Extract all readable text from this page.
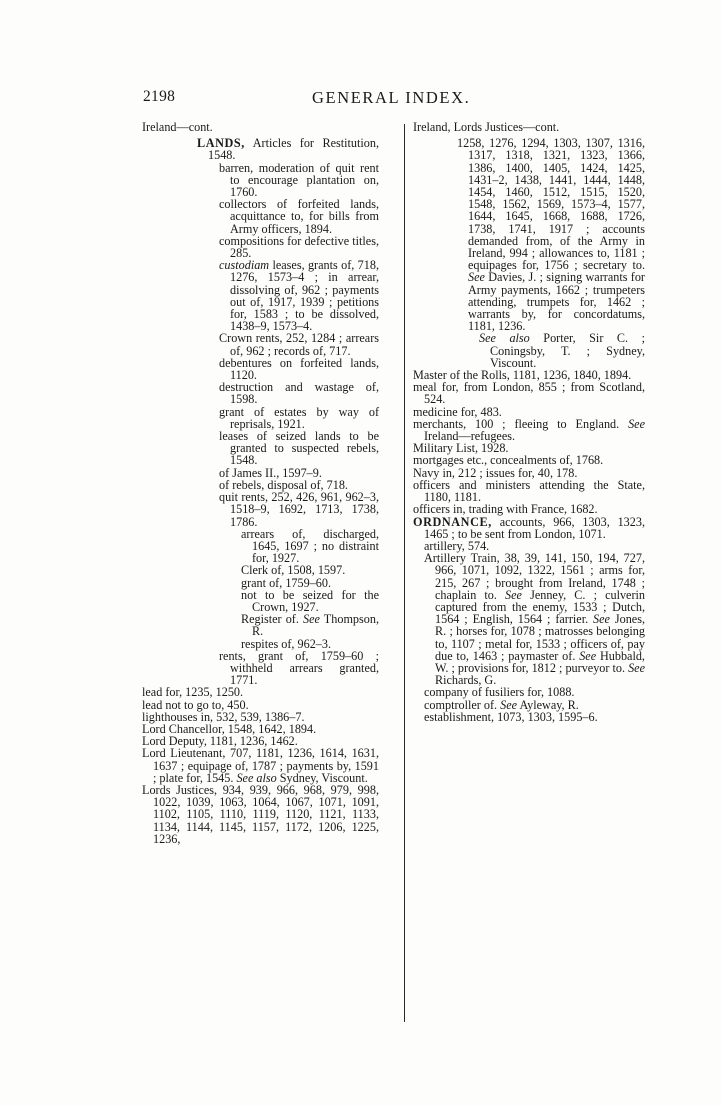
2198	GENERAL INDEX.
Ireland—cont.

LANDS, Articles for Restitution, 1548.

barren, moderation of quit rent to encourage plantation on, 1760.

collectors of forfeited lands, acquittance to, for bills from Army officers, 1894.

compositions for defective titles, 285.

custodiam leases, grants of, 718, 1276, 1573–4 ; in arrear, dissolving of, 962 ; payments out of, 1917, 1939 ; petitions for, 1583 ; to be dissolved, 1438–9, 1573–4.

Crown rents, 252, 1284 ; arrears of, 962 ; records of, 717.

debentures on forfeited lands, 1120.

destruction and wastage of, 1598.

grant of estates by way of reprisals, 1921.

leases of seized lands to be granted to suspected rebels, 1548.

of James II., 1597–9.

of rebels, disposal of, 718.

quit rents, 252, 426, 961, 962–3, 1518–9, 1692, 1713, 1738, 1786.

arrears of, discharged, 1645, 1697 ; no distraint for, 1927.

Clerk of, 1508, 1597.

grant of, 1759–60.

not to be seized for the Crown, 1927.

Register of. See Thompson, R.

respites of, 962–3.

rents, grant of, 1759–60 ; withheld arrears granted, 1771.

lead for, 1235, 1250.

lead not to go to, 450.

lighthouses in, 532, 539, 1386–7.

Lord Chancellor, 1548, 1642, 1894.

Lord Deputy, 1181, 1236, 1462.

Lord Lieutenant, 707, 1181, 1236, 1614, 1631, 1637 ; equipage of, 1787 ; payments by, 1591 ; plate for, 1545. See also Sydney, Viscount.

Lords Justices, 934, 939, 966, 968, 979, 998, 1022, 1039, 1063, 1064, 1067, 1071, 1091, 1102, 1105, 1110, 1119, 1120, 1121, 1133, 1134, 1144, 1145, 1157, 1172, 1206, 1225, 1236,

Ireland, Lords Justices—cont.

1258, 1276, 1294, 1303, 1307, 1316, 1317, 1318, 1321, 1323, 1366, 1386, 1400, 1405, 1424, 1425, 1431–2, 1438, 1441, 1444, 1448, 1454, 1460, 1512, 1515, 1520, 1548, 1562, 1569, 1573–4, 1577, 1644, 1645, 1668, 1688, 1726, 1738, 1741, 1917 ; accounts demanded from, of the Army in Ireland, 994 ; allowances to, 1181 ; equipages for, 1756 ; secretary to. See Davies, J. ; signing warrants for Army payments, 1662 ; trumpeters attending, trumpets for, 1462 ; warrants by, for concordatums, 1181, 1236.

See also Porter, Sir C. ; Coningsby, T. ; Sydney, Viscount.

Master of the Rolls, 1181, 1236, 1840, 1894.

meal for, from London, 855 ; from Scotland, 524.

medicine for, 483.

merchants, 100 ; fleeing to England. See Ireland—refugees.

Military List, 1928.

mortgages etc., concealments of, 1768.

Navy in, 212 ; issues for, 40, 178.

officers and ministers attending the State, 1180, 1181.

officers in, trading with France, 1682.

ORDNANCE, accounts, 966, 1303, 1323, 1465 ; to be sent from London, 1071.

artillery, 574.

Artillery Train, 38, 39, 141, 150, 194, 727, 966, 1071, 1092, 1322, 1561 ; arms for, 215, 267 ; brought from Ireland, 1748 ; chaplain to. See Jenney, C. ; culverin captured from the enemy, 1533 ; Dutch, 1564 ; English, 1564 ; farrier. See Jones, R. ; horses for, 1078 ; matrosses belonging to, 1107 ; metal for, 1533 ; officers of, pay due to, 1463 ; paymaster of. See Hubbald, W. ; provisions for, 1812 ; purveyor to. See Richards, G.

company of fusiliers for, 1088.

comptroller of. See Ayleway, R.

establishment, 1073, 1303, 1595–6.
